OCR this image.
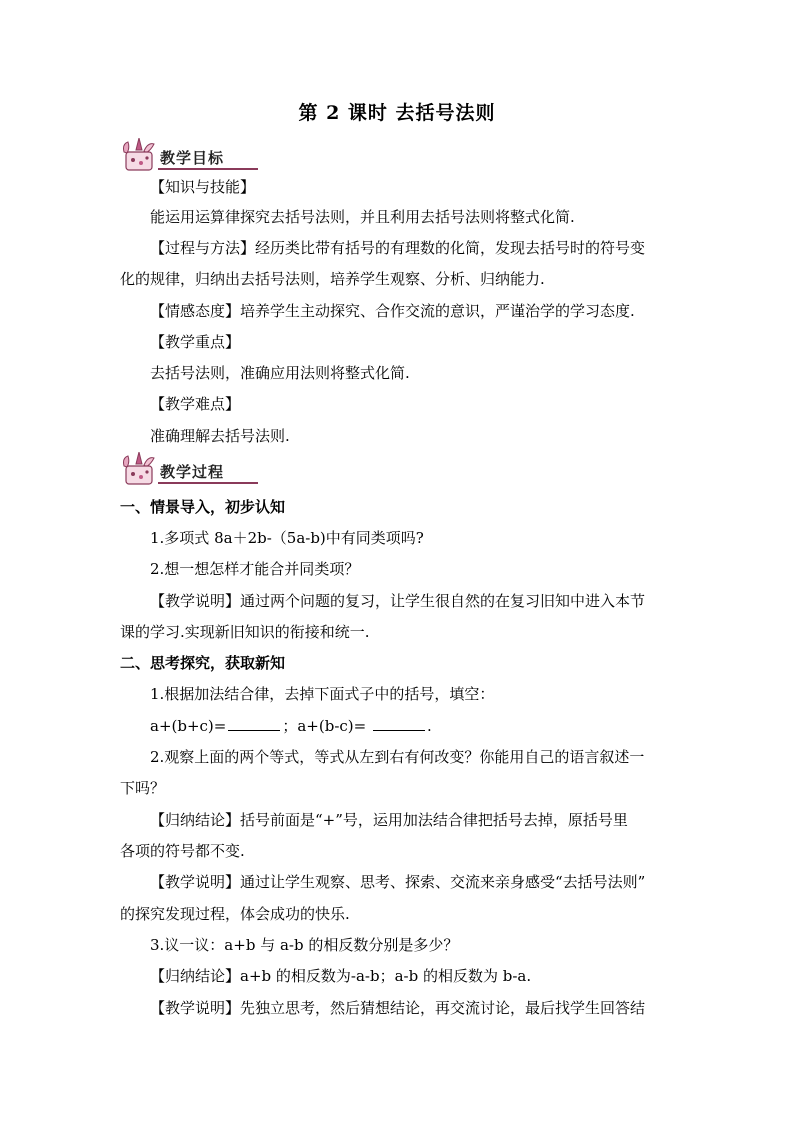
第 2 课时 去括号法则
教学目标
【知识与技能】
能运用运算律探究去括号法则，并且利用去括号法则将整式化简.
【过程与方法】经历类比带有括号的有理数的化简，发现去括号时的符号变
化的规律，归纳出去括号法则，培养学生观察、分析、归纳能力.
【情感态度】培养学生主动探究、合作交流的意识，严谨治学的学习态度.
【教学重点】
去括号法则，准确应用法则将整式化简.
【教学难点】
准确理解去括号法则.
教学过程
一、情景导入，初步认知
1.多项式 8a＋2b-（5a-b)中有同类项吗?
2.想一想怎样才能合并同类项？
【教学说明】通过两个问题的复习，让学生很自然的在复习旧知中进入本节
课的学习.实现新旧知识的衔接和统一.
二、思考探究，获取新知
1.根据加法结合律，去掉下面式子中的括号，填空：
a+(b+c)=	；a+(b-c)=	.
2.观察上面的两个等式，等式从左到右有何改变？你能用自己的语言叙述一
下吗？
【归纳结论】括号前面是“+”号，运用加法结合律把括号去掉，原括号里
各项的符号都不变.
【教学说明】通过让学生观察、思考、探索、交流来亲身感受“去括号法则”
的探究发现过程，体会成功的快乐.
3.议一议：a+b 与 a-b 的相反数分别是多少？
【归纳结论】a+b 的相反数为-a-b；a-b 的相反数为 b-a.
【教学说明】先独立思考，然后猜想结论，再交流讨论，最后找学生回答结
